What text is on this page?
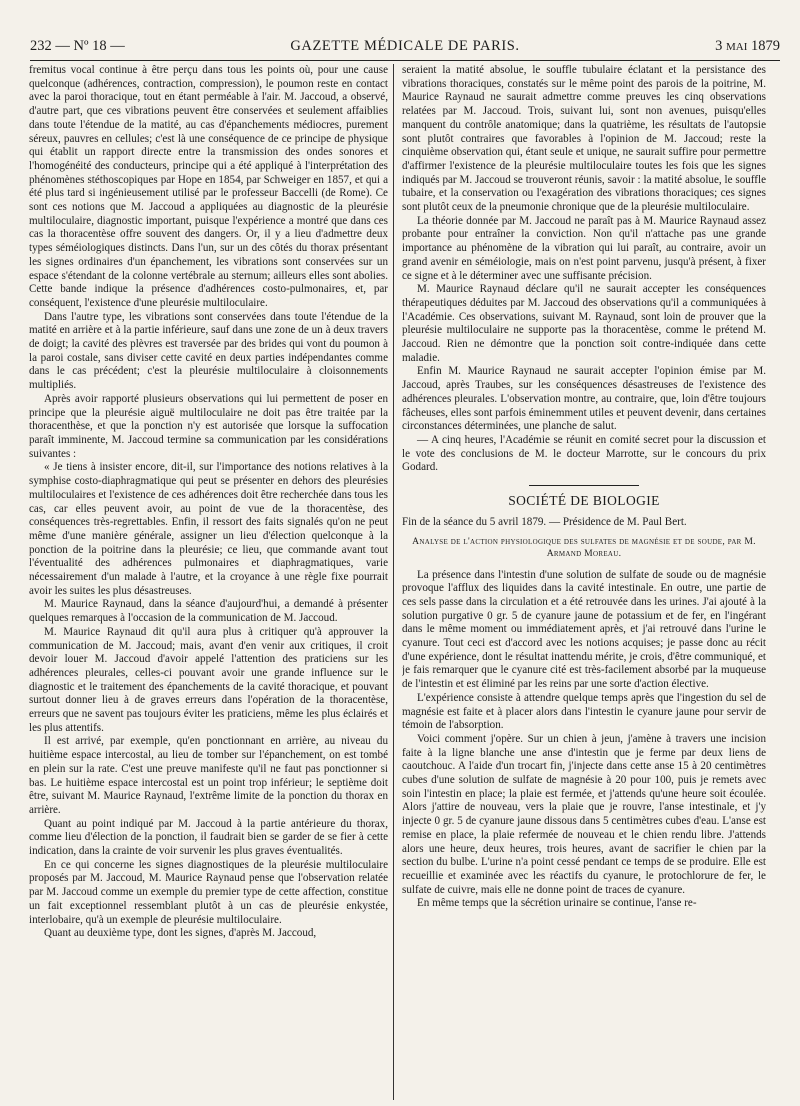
232 — Nº 18 —	GAZETTE MÉDICALE DE PARIS.	3 MAI 1879

fremitus vocal continue à être perçu dans tous les points où, pour une cause quelconque (adhérences, contraction, compression), le poumon reste en contact avec la paroi thoracique, tout en étant perméable à l'air. M. Jaccoud, a observé, d'autre part, que ces vibrations peuvent être conservées et seulement affaiblies dans toute l'étendue de la matité, au cas d'épanchements médiocres, purement séreux, pauvres en cellules; c'est là une conséquence de ce principe de physique qui établit un rapport directe entre la transmission des ondes sonores et l'homogénéité des conducteurs, principe qui a été appliqué à l'interprétation des phénomènes stéthoscopiques par Hope en 1854, par Schweiger en 1857, et qui a été plus tard si ingénieusement utilisé par le professeur Baccelli (de Rome). Ce sont ces notions que M. Jaccoud a appliquées au diagnostic de la pleurésie multiloculaire, diagnostic important, puisque l'expérience a montré que dans ces cas la thoracentèse offre souvent des dangers. Or, il y a lieu d'admettre deux types séméiologiques distincts. Dans l'un, sur un des côtés du thorax présentant les signes ordinaires d'un épanchement, les vibrations sont conservées sur un espace s'étendant de la colonne vertébrale au sternum; ailleurs elles sont abolies. Cette bande indique la présence d'adhérences costo-pulmonaires, et, par conséquent, l'existence d'une pleurésie multiloculaire.

Dans l'autre type, les vibrations sont conservées dans toute l'étendue de la matité en arrière et à la partie inférieure, sauf dans une zone de un à deux travers de doigt; la cavité des plèvres est traversée par des brides qui vont du poumon à la paroi costale, sans diviser cette cavité en deux parties indépendantes comme dans le cas précédent; c'est la pleurésie multiloculaire à cloisonnements multipliés.

Après avoir rapporté plusieurs observations qui lui permettent de poser en principe que la pleurésie aiguë multiloculaire ne doit pas être traitée par la thoracenthèse, et que la ponction n'y est autorisée que lorsque la suffocation paraît imminente, M. Jaccoud termine sa communication par les considérations suivantes :

« Je tiens à insister encore, dit-il, sur l'importance des notions relatives à la symphise costo-diaphragmatique qui peut se présenter en dehors des pleurésies multiloculaires et l'existence de ces adhérences doit être recherchée dans tous les cas, car elles peuvent avoir, au point de vue de la thoracentèse, des conséquences très-regrettables. Enfin, il ressort des faits signalés qu'on ne peut même d'une manière générale, assigner un lieu d'élection quelconque à la ponction de la poitrine dans la pleurésie; ce lieu, que commande avant tout l'éventualité des adhérences pulmonaires et diaphragmatiques, varie nécessairement d'un malade à l'autre, et la croyance à une règle fixe pourrait avoir les suites les plus désastreuses.

M. Maurice Raynaud, dans la séance d'aujourd'hui, a demandé à présenter quelques remarques à l'occasion de la communication de M. Jaccoud.

M. Maurice Raynaud dit qu'il aura plus à critiquer qu'à approuver la communication de M. Jaccoud; mais, avant d'en venir aux critiques, il croit devoir louer M. Jaccoud d'avoir appelé l'attention des praticiens sur les adhérences pleurales, celles-ci pouvant avoir une grande influence sur le diagnostic et le traitement des épanchements de la cavité thoracique, et pouvant surtout donner lieu à de graves erreurs dans l'opération de la thoracentèse, erreurs que ne savent pas toujours éviter les praticiens, même les plus éclairés et les plus attentifs.

Il est arrivé, par exemple, qu'en ponctionnant en arrière, au niveau du huitième espace intercostal, au lieu de tomber sur l'épanchement, on est tombé en plein sur la rate. C'est une preuve manifeste qu'il ne faut pas ponctionner si bas. Le huitième espace intercostal est un point trop inférieur; le septième doit être, suivant M. Maurice Raynaud, l'extrême limite de la ponction du thorax en arrière.

Quant au point indiqué par M. Jaccoud à la partie antérieure du thorax, comme lieu d'élection de la ponction, il faudrait bien se garder de se fier à cette indication, dans la crainte de voir survenir les plus graves éventualités.

En ce qui concerne les signes diagnostiques de la pleurésie multiloculaire proposés par M. Jaccoud, M. Maurice Raynaud pense que l'observation relatée par M. Jaccoud comme un exemple du premier type de cette affection, constitue un fait exceptionnel ressemblant plutôt à un cas de pleurésie enkystée, interlobaire, qu'à un exemple de pleurésie multiloculaire.

Quant au deuxième type, dont les signes, d'après M. Jaccoud,

seraient la matité absolue, le souffle tubulaire éclatant et la persistance des vibrations thoraciques, constatés sur le même point des parois de la poitrine, M. Maurice Raynaud ne saurait admettre comme preuves les cinq observations relatées par M. Jaccoud. Trois, suivant lui, sont non avenues, puisqu'elles manquent du contrôle anatomique; dans la quatrième, les résultats de l'autopsie sont plutôt contraires que favorables à l'opinion de M. Jaccoud; reste la cinquième observation qui, étant seule et unique, ne saurait suffire pour permettre d'affirmer l'existence de la pleurésie multiloculaire toutes les fois que les signes indiqués par M. Jaccoud se trouveront réunis, savoir : la matité absolue, le souffle tubaire, et la conservation ou l'exagération des vibrations thoraciques; ces signes sont plutôt ceux de la pneumonie chronique que de la pleurésie multiloculaire.

La théorie donnée par M. Jaccoud ne paraît pas à M. Maurice Raynaud assez probante pour entraîner la conviction. Non qu'il n'attache pas une grande importance au phénomène de la vibration qui lui paraît, au contraire, avoir un grand avenir en séméiologie, mais on n'est point parvenu, jusqu'à présent, à fixer ce signe et à le déterminer avec une suffisante précision.

M. Maurice Raynaud déclare qu'il ne saurait accepter les conséquences thérapeutiques déduites par M. Jaccoud des observations qu'il a communiquées à l'Académie. Ces observations, suivant M. Raynaud, sont loin de prouver que la pleurésie multiloculaire ne supporte pas la thoracentèse, comme le prétend M. Jaccoud. Rien ne démontre que la ponction soit contre-indiquée dans cette maladie.

Enfin M. Maurice Raynaud ne saurait accepter l'opinion émise par M. Jaccoud, après Traubes, sur les conséquences désastreuses de l'existence des adhérences pleurales. L'observation montre, au contraire, que, loin d'être toujours fâcheuses, elles sont parfois éminemment utiles et peuvent devenir, dans certaines circonstances déterminées, une planche de salut.

— A cinq heures, l'Académie se réunit en comité secret pour la discussion et le vote des conclusions de M. le docteur Marrotte, sur le concours du prix Godard.

SOCIÉTÉ DE BIOLOGIE

Fin de la séance du 5 avril 1879. — Présidence de M. Paul Bert.

Analyse de l'action physiologique des sulfates de magnésie et de soude, par M. Armand Moreau.

La présence dans l'intestin d'une solution de sulfate de soude ou de magnésie provoque l'afflux des liquides dans la cavité intestinale. En outre, une partie de ces sels passe dans la circulation et a été retrouvée dans les urines. J'ai ajouté à la solution purgative 0 gr. 5 de cyanure jaune de potassium et de fer, en l'ingérant dans le même moment ou immédiatement après, et j'ai retrouvé dans l'urine le cyanure. Tout ceci est d'accord avec les notions acquises; je passe donc au récit d'une expérience, dont le résultat inattendu mérite, je crois, d'être communiqué, et je fais remarquer que le cyanure cité est très-facilement absorbé par la muqueuse de l'intestin et est éliminé par les reins par une sorte d'action élective.

L'expérience consiste à attendre quelque temps après que l'ingestion du sel de magnésie est faite et à placer alors dans l'intestin le cyanure jaune pour servir de témoin de l'absorption.

Voici comment j'opère. Sur un chien à jeun, j'amène à travers une incision faite à la ligne blanche une anse d'intestin que je ferme par deux liens de caoutchouc. A l'aide d'un trocart fin, j'injecte dans cette anse 15 à 20 centimètres cubes d'une solution de sulfate de magnésie à 20 pour 100, puis je remets avec soin l'intestin en place; la plaie est fermée, et j'attends qu'une heure soit écoulée. Alors j'attire de nouveau, vers la plaie que je rouvre, l'anse intestinale, et j'y injecte 0 gr. 5 de cyanure jaune dissous dans 5 centimètres cubes d'eau. L'anse est remise en place, la plaie refermée de nouveau et le chien rendu libre. J'attends alors une heure, deux heures, trois heures, avant de sacrifier le chien par la section du bulbe. L'urine n'a point cessé pendant ce temps de se produire. Elle est recueillie et examinée avec les réactifs du cyanure, le protochlorure de fer, le sulfate de cuivre, mais elle ne donne point de traces de cyanure.

En même temps que la sécrétion urinaire se continue, l'anse re-
